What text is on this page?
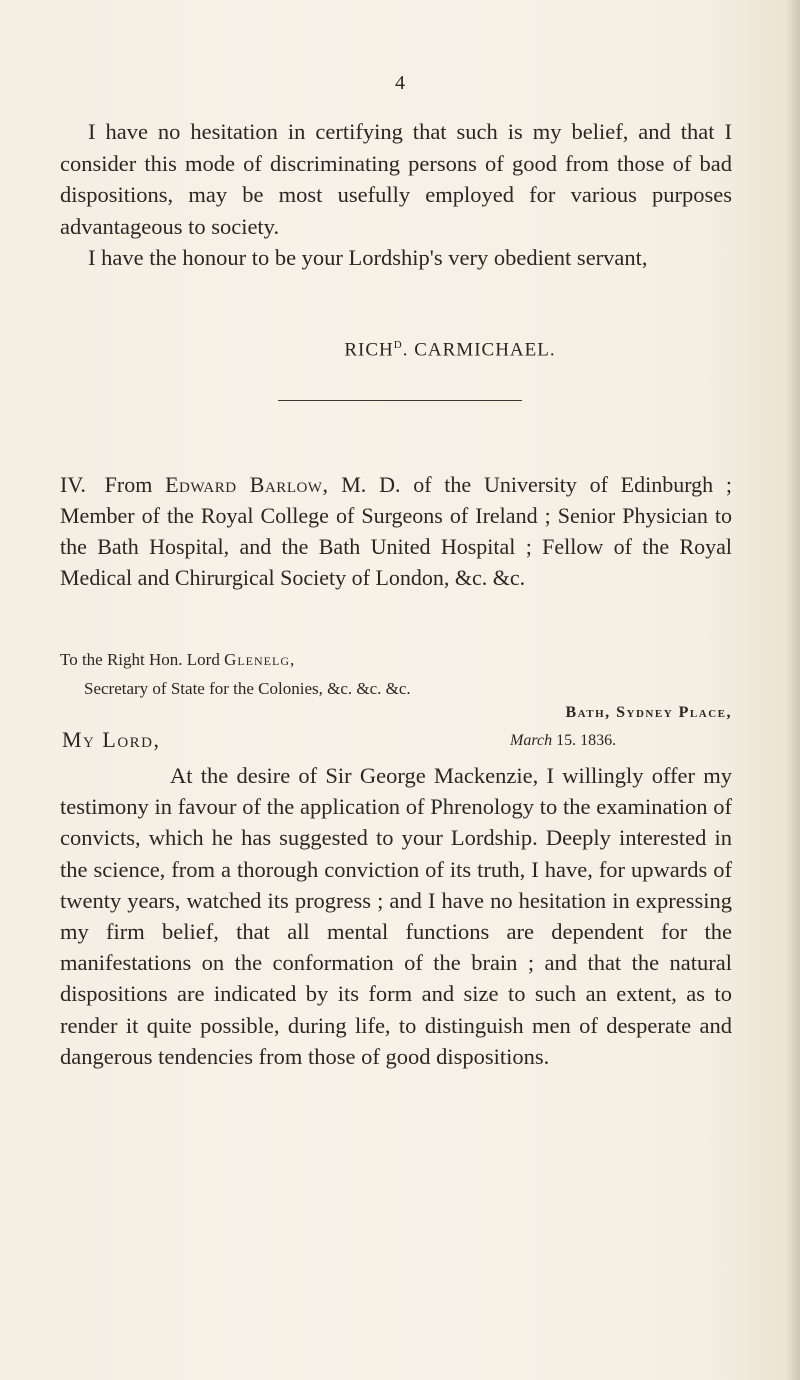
4

I have no hesitation in certifying that such is my belief, and that I consider this mode of discriminating persons of good from those of bad dispositions, may be most usefully employed for various purposes advantageous to society.

I have the honour to be your Lordship's very obedient servant,

$RICH^D$. CARMICHAEL.
IV. From Edward Barlow, M. D. of the University of Edinburgh ; Member of the Royal College of Surgeons of Ireland ; Senior Physician to the Bath Hospital, and the Bath United Hospital ; Fellow of the Royal Medical and Chirurgical Society of London, &c. &c.
To the Right Hon. Lord Glenelg,
Secretary of State for the Colonies, &c. &c. &c.
Bath, Sydney Place,
My Lord,	March 15. 1836.

At the desire of Sir George Mackenzie, I willingly offer my testimony in favour of the application of Phrenology to the examination of convicts, which he has suggested to your Lordship. Deeply interested in the science, from a thorough conviction of its truth, I have, for upwards of twenty years, watched its progress ; and I have no hesitation in expressing my firm belief, that all mental functions are dependent for the manifestations on the conformation of the brain ; and that the natural dispositions are indicated by its form and size to such an extent, as to render it quite possible, during life, to distinguish men of desperate and dangerous tendencies from those of good dispositions.
